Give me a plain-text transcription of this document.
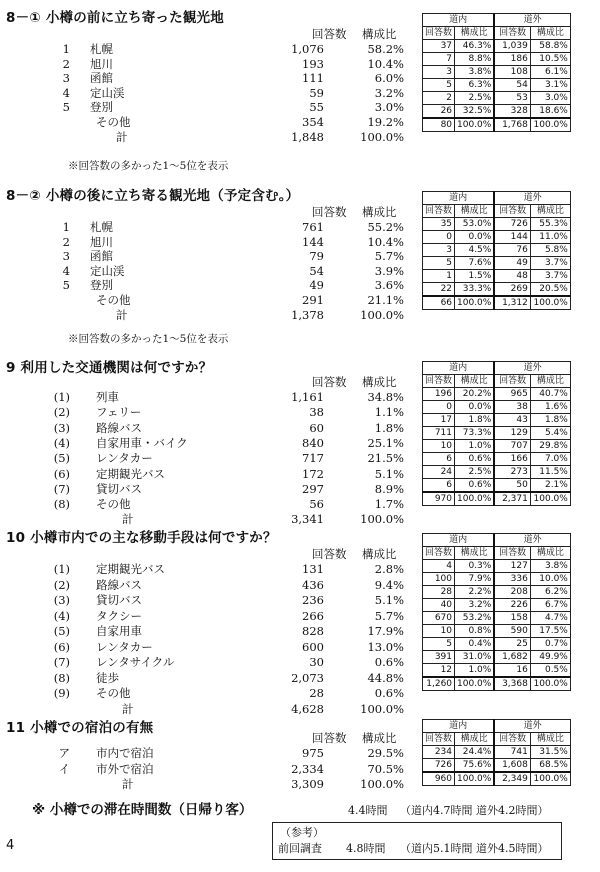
8－① 小樽の前に立ち寄った観光地
回答数 構成比
1 札幌	1,076	58.2%
2 旭川	193	10.4%
3 函館	111	6.0%
4 定山渓	59	3.2%
5 登別	55	3.0%
その他	354	19.2%
計	1,848	100.0%
※回答数の多かった1～5位を表示
道内		道外	
回答数	構成比	回答数	構成比
37	46.3%	1,039	58.8%
7	8.8%	186	10.5%
3	3.8%	108	6.1%
5	6.3%	54	3.1%
2	2.5%	53	3.0%
26	32.5%	328	18.6%
80	100.0%	1,768	100.0%
8－② 小樽の後に立ち寄る観光地（予定含む。）
回答数 構成比
1 札幌	761	55.2%
2 旭川	144	10.4%
3 函館	79	5.7%
4 定山渓	54	3.9%
5 登別	49	3.6%
その他	291	21.1%
計	1,378	100.0%
※回答数の多かった1～5位を表示
道内		道外	
回答数	構成比	回答数	構成比
35	53.0%	726	55.3%
0	0.0%	144	11.0%
3	4.5%	76	5.8%
5	7.6%	49	3.7%
1	1.5%	48	3.7%
22	33.3%	269	20.5%
66	100.0%	1,312	100.0%
9 利用した交通機関は何ですか？
回答数 構成比
(1) 列車	1,161	34.8%
(2) フェリー	38	1.1%
(3) 路線バス	60	1.8%
(4) 自家用車・バイク	840	25.1%
(5) レンタカー	717	21.5%
(6) 定期観光バス	172	5.1%
(7) 貸切バス	297	8.9%
(8) その他	56	1.7%
計	3,341	100.0%
道内		道外	
回答数	構成比	回答数	構成比
196	20.2%	965	40.7%
0	0.0%	38	1.6%
17	1.8%	43	1.8%
711	73.3%	129	5.4%
10	1.0%	707	29.8%
6	0.6%	166	7.0%
24	2.5%	273	11.5%
6	0.6%	50	2.1%
970	100.0%	2,371	100.0%
10 小樽市内での主な移動手段は何ですか？
回答数 構成比
(1) 定期観光バス	131	2.8%
(2) 路線バス	436	9.4%
(3) 貸切バス	236	5.1%
(4) タクシー	266	5.7%
(5) 自家用車	828	17.9%
(6) レンタカー	600	13.0%
(7) レンタサイクル	30	0.6%
(8) 徒歩	2,073	44.8%
(9) その他	28	0.6%
計	4,628	100.0%
道内		道外	
回答数	構成比	回答数	構成比
4	0.3%	127	3.8%
100	7.9%	336	10.0%
28	2.2%	208	6.2%
40	3.2%	226	6.7%
670	53.2%	158	4.7%
10	0.8%	590	17.5%
5	0.4%	25	0.7%
391	31.0%	1,682	49.9%
12	1.0%	16	0.5%
1,260	100.0%	3,368	100.0%
11 小樽での宿泊の有無
回答数 構成比
ア 市内で宿泊	975	29.5%
イ 市外で宿泊	2,334	70.5%
計	3,309	100.0%
道内		道外	
回答数	構成比	回答数	構成比
234	24.4%	741	31.5%
726	75.6%	1,608	68.5%
960	100.0%	2,349	100.0%
※ 小樽での滞在時間数（日帰り客）	4.4時間 （道内4.7時間 道外4.2時間）
（参考）
前回調査 4.8時間 （道内5.1時間 道外4.5時間）
4
